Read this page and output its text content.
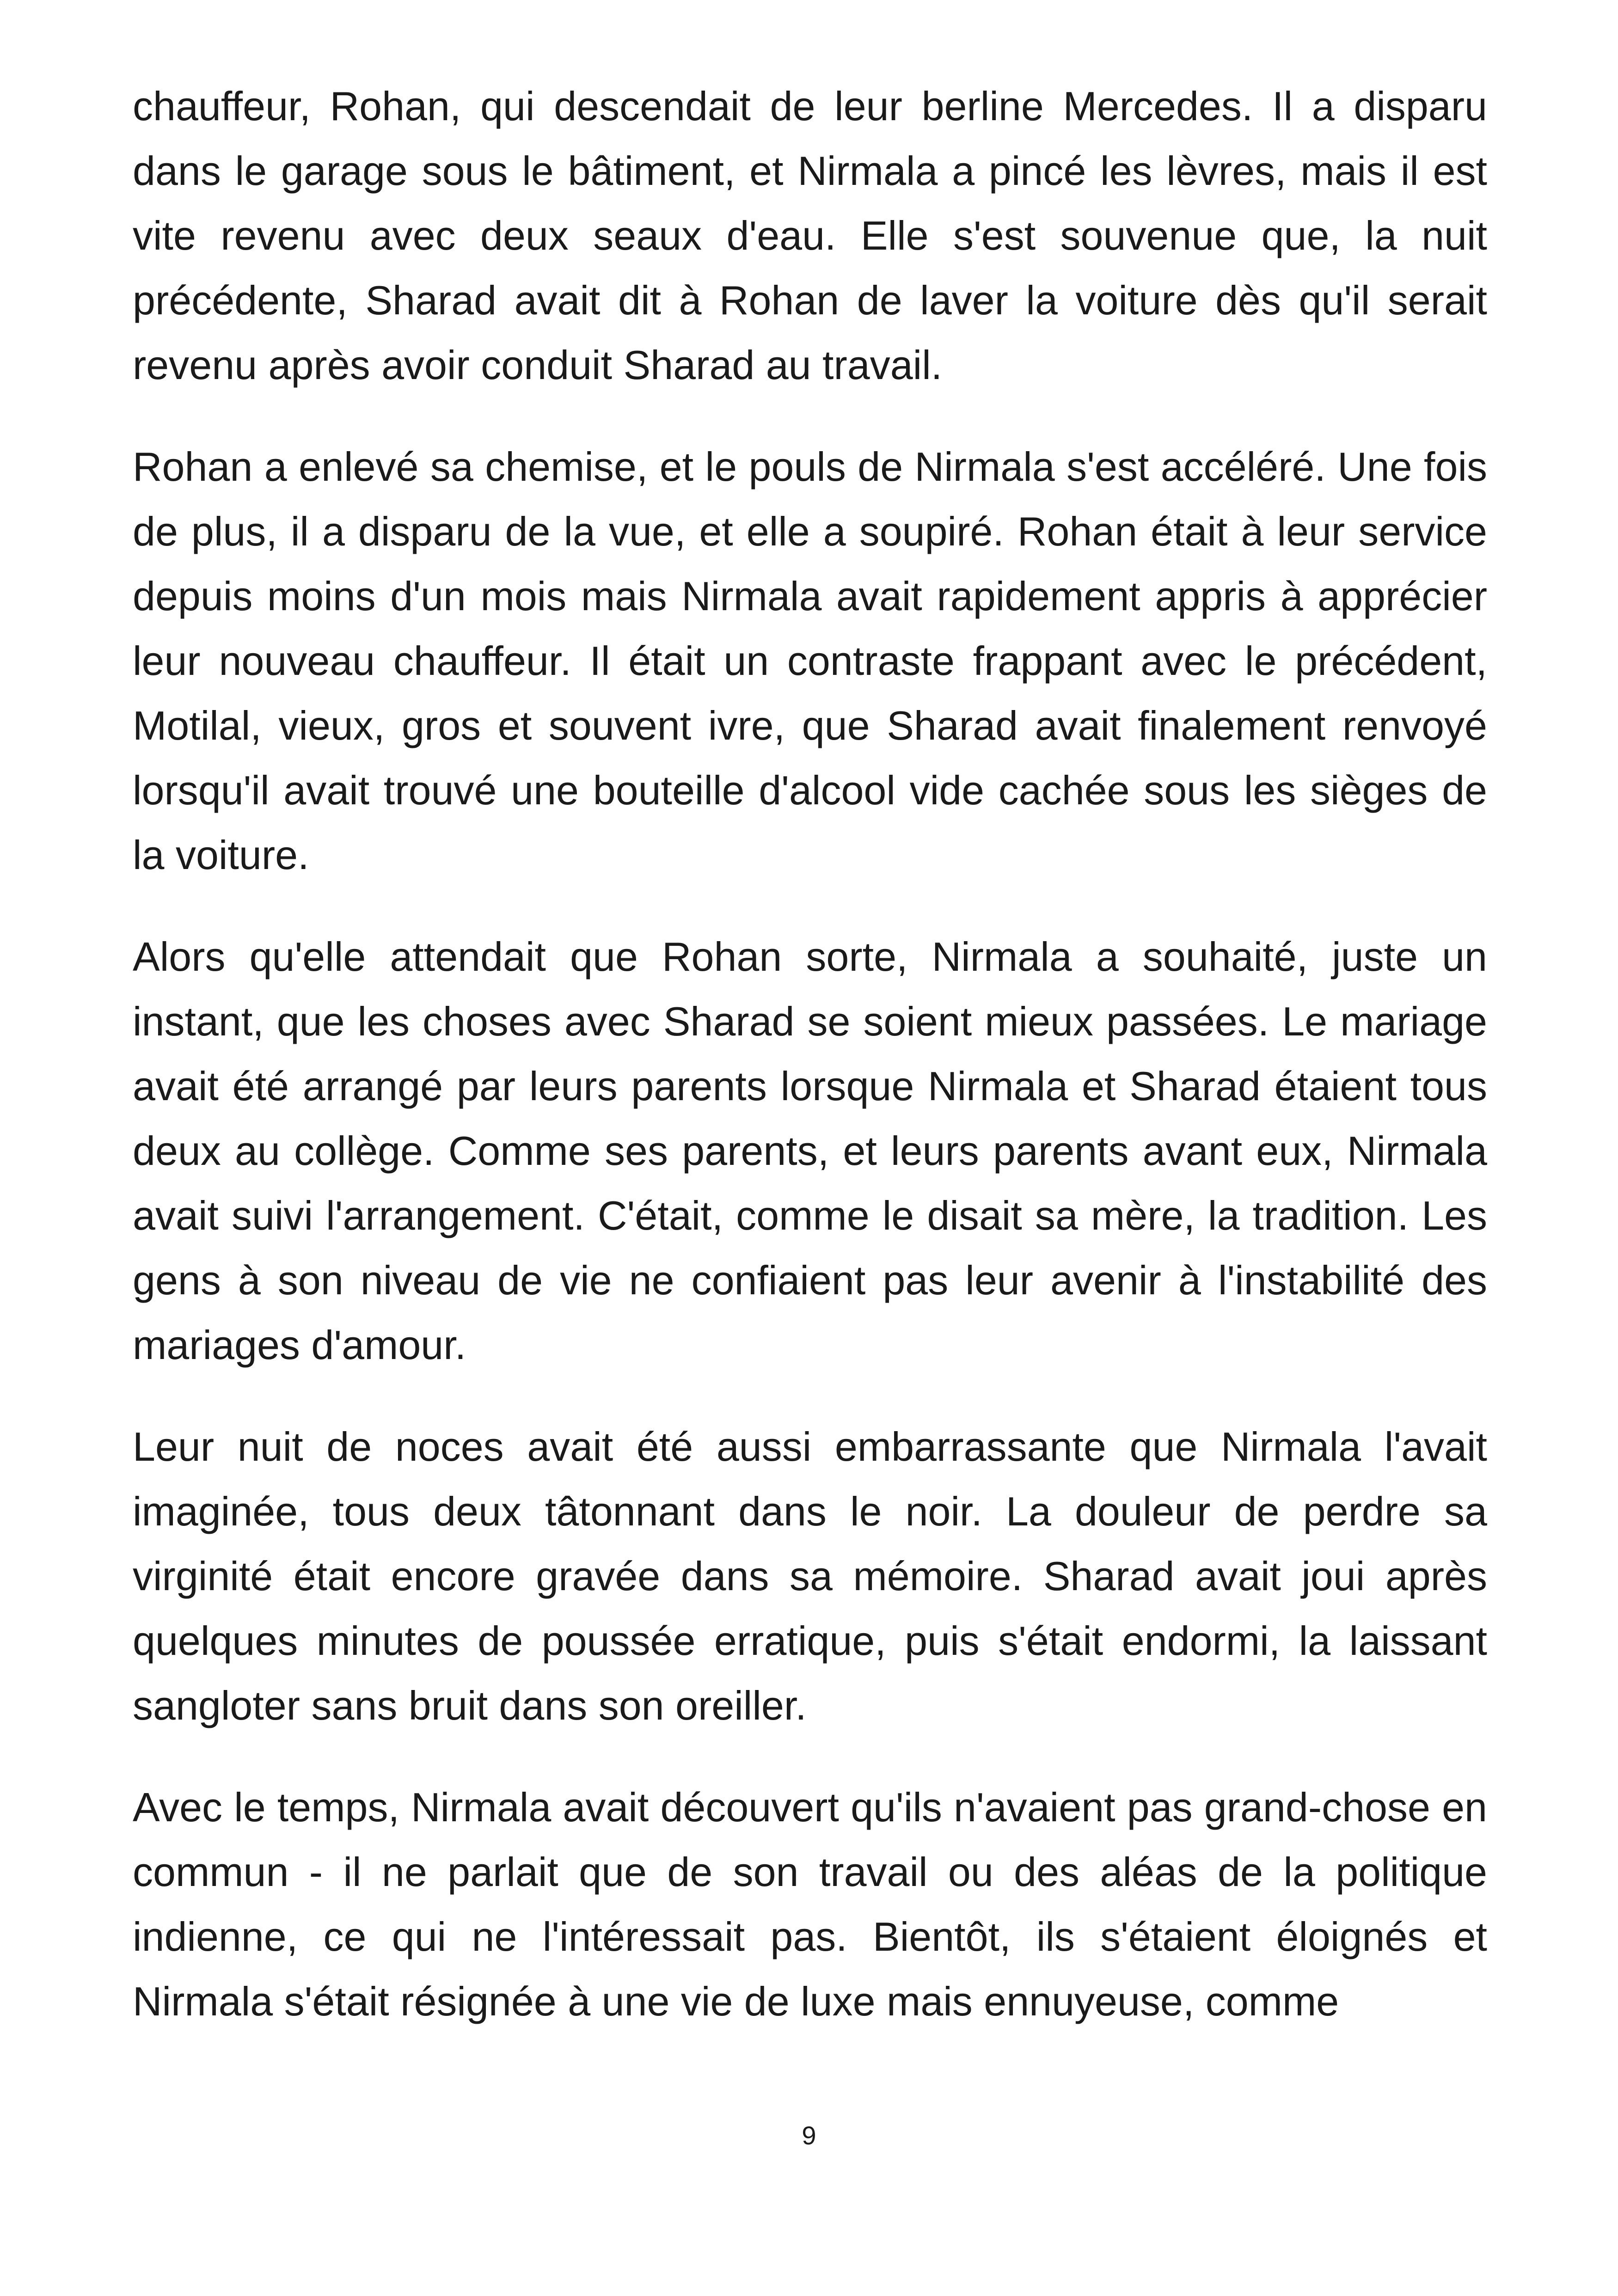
chauffeur, Rohan, qui descendait de leur berline Mercedes. Il a disparu dans le garage sous le bâtiment, et Nirmala a pincé les lèvres, mais il est vite revenu avec deux seaux d'eau. Elle s'est souvenue que, la nuit précédente, Sharad avait dit à Rohan de laver la voiture dès qu'il serait revenu après avoir conduit Sharad au travail.

Rohan a enlevé sa chemise, et le pouls de Nirmala s'est accéléré. Une fois de plus, il a disparu de la vue, et elle a soupiré. Rohan était à leur service depuis moins d'un mois mais Nirmala avait rapidement appris à apprécier leur nouveau chauffeur. Il était un contraste frappant avec le précédent, Motilal, vieux, gros et souvent ivre, que Sharad avait finalement renvoyé lorsqu'il avait trouvé une bouteille d'alcool vide cachée sous les sièges de la voiture.

Alors qu'elle attendait que Rohan sorte, Nirmala a souhaité, juste un instant, que les choses avec Sharad se soient mieux passées. Le mariage avait été arrangé par leurs parents lorsque Nirmala et Sharad étaient tous deux au collège. Comme ses parents, et leurs parents avant eux, Nirmala avait suivi l'arrangement. C'était, comme le disait sa mère, la tradition. Les gens à son niveau de vie ne confiaient pas leur avenir à l'instabilité des mariages d'amour.

Leur nuit de noces avait été aussi embarrassante que Nirmala l'avait imaginée, tous deux tâtonnant dans le noir. La douleur de perdre sa virginité était encore gravée dans sa mémoire. Sharad avait joui après quelques minutes de poussée erratique, puis s'était endormi, la laissant sangloter sans bruit dans son oreiller.

Avec le temps, Nirmala avait découvert qu'ils n'avaient pas grand-chose en commun - il ne parlait que de son travail ou des aléas de la politique indienne, ce qui ne l'intéressait pas. Bientôt, ils s'étaient éloignés et Nirmala s'était résignée à une vie de luxe mais ennuyeuse, comme

9
